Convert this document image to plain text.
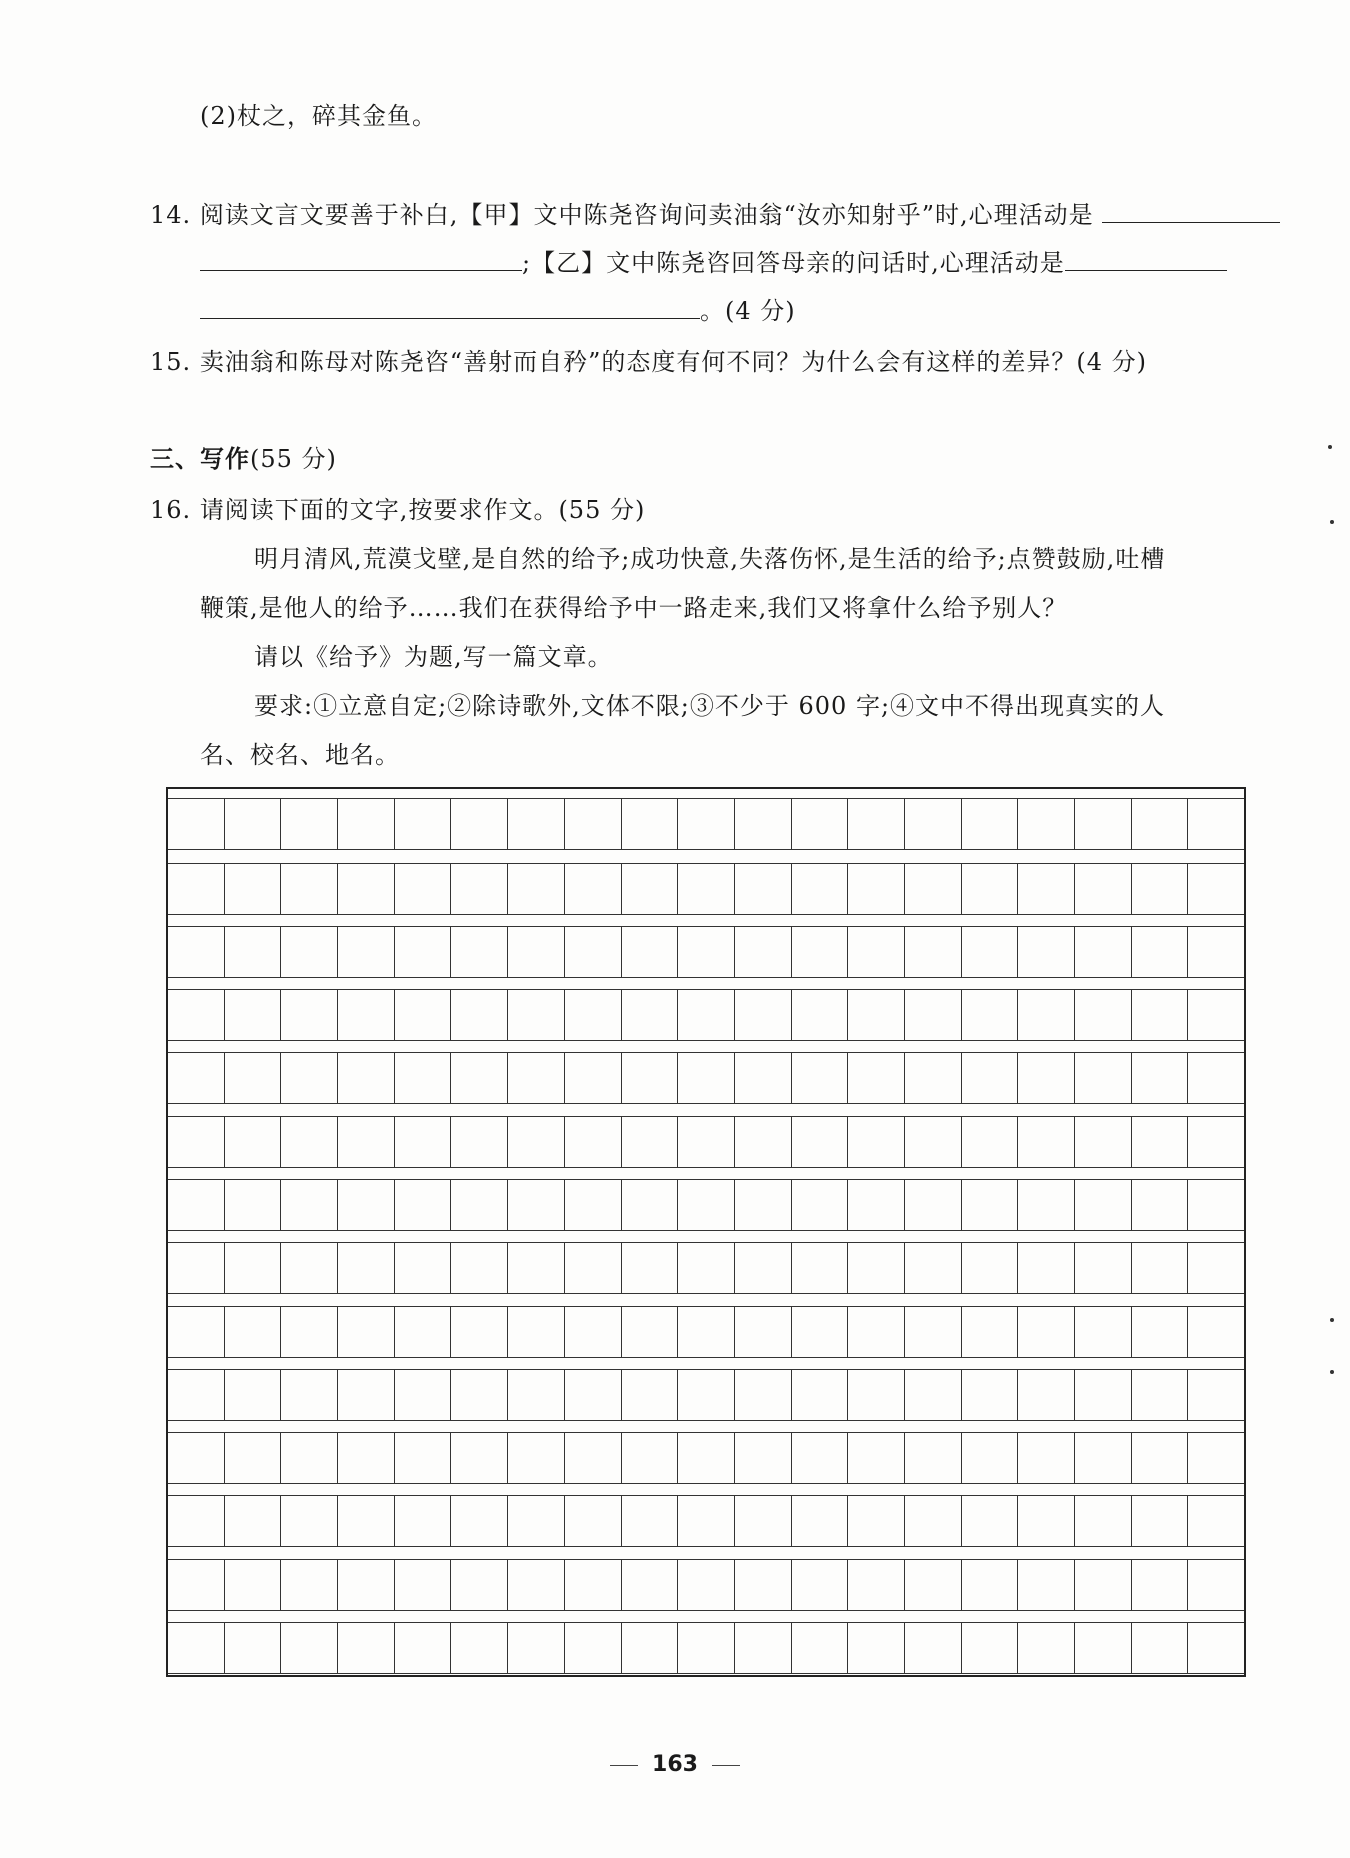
(2)杖之，碎其金鱼。
14. 阅读文言文要善于补白,【甲】文中陈尧咨询问卖油翁“汝亦知射乎”时,心理活动是
;【乙】文中陈尧咨回答母亲的问话时,心理活动是
。(4 分)
15. 卖油翁和陈母对陈尧咨“善射而自矜”的态度有何不同？为什么会有这样的差异？(4 分)
三、写作(55 分)
16. 请阅读下面的文字,按要求作文。(55 分)
明月清风,荒漠戈壁,是自然的给予;成功快意,失落伤怀,是生活的给予;点赞鼓励,吐槽
鞭策,是他人的给予……我们在获得给予中一路走来,我们又将拿什么给予别人？
请以《给予》为题,写一篇文章。
要求:①立意自定;②除诗歌外,文体不限;③不少于 600 字;④文中不得出现真实的人
名、校名、地名。
163
